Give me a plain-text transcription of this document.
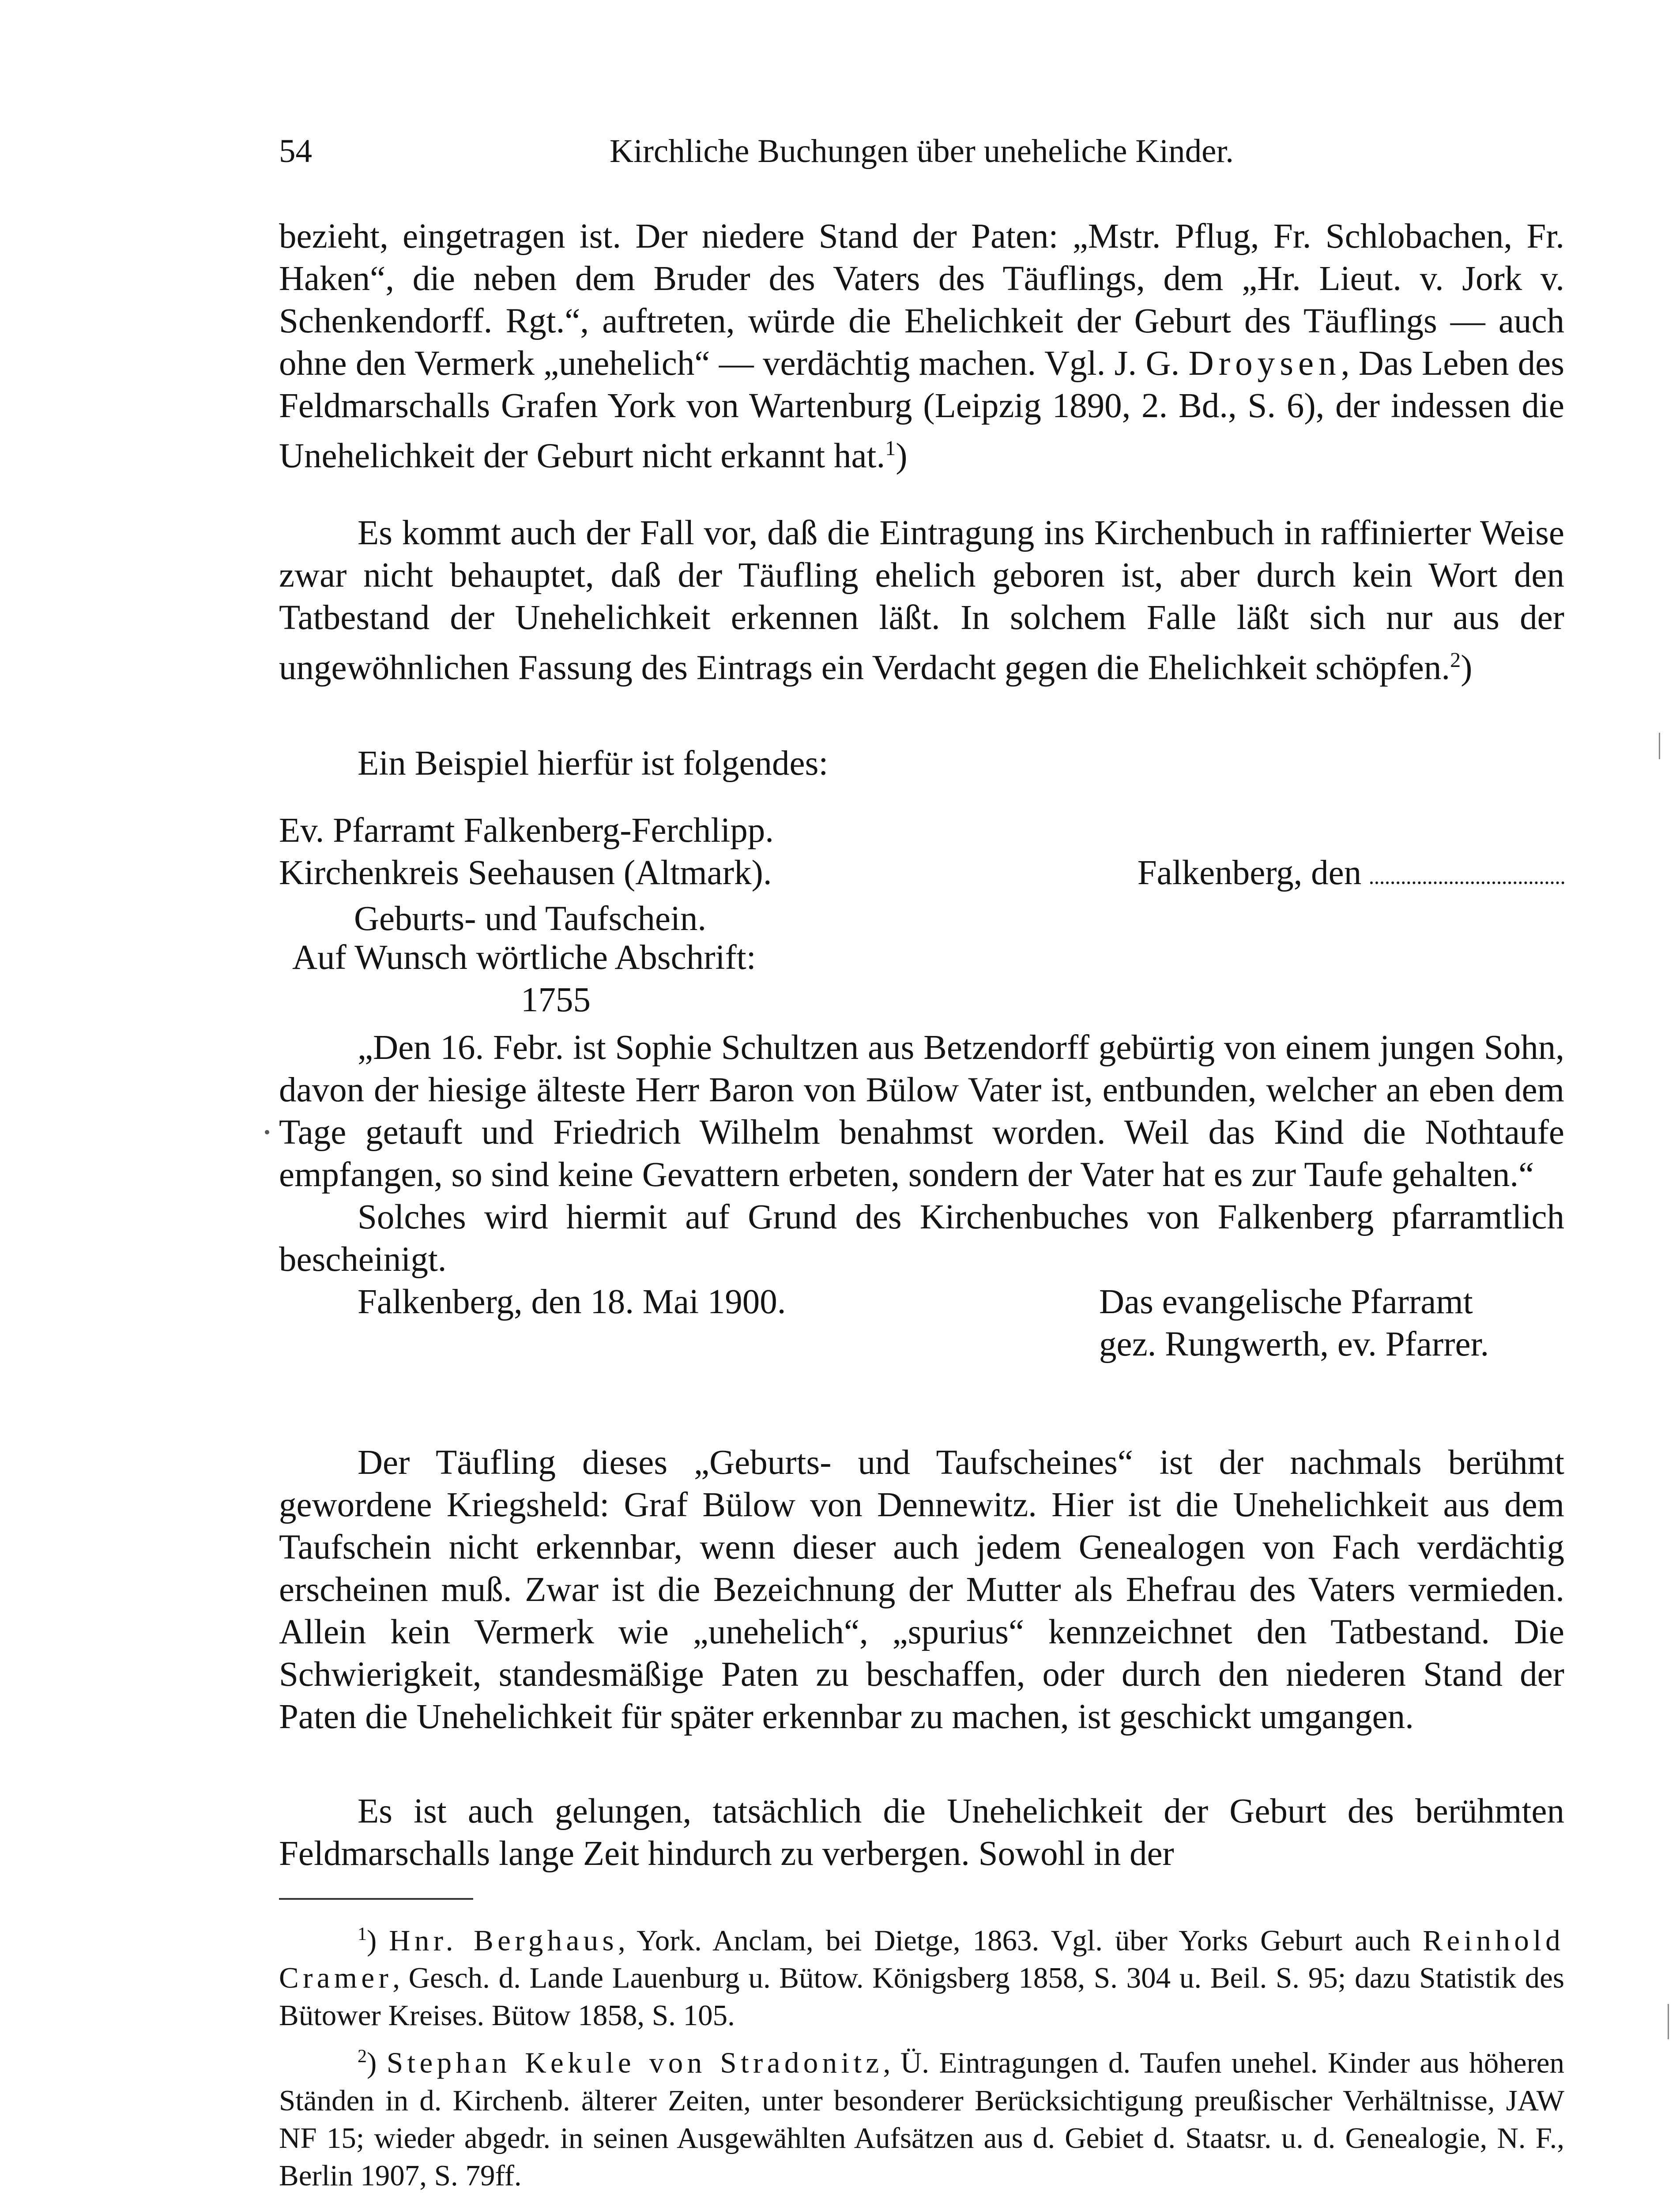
54	Kirchliche Buchungen über uneheliche Kinder.

bezieht, eingetragen ist. Der niedere Stand der Paten: „Mstr. Pflug, Fr. Schlobachen, Fr. Haken“, die neben dem Bruder des Vaters des Täuflings, dem „Hr. Lieut. v. Jork v. Schenkendorff. Rgt.“, auftreten, würde die Ehelichkeit der Geburt des Täuflings — auch ohne den Vermerk „unehelich“ — verdächtig machen. Vgl. J. G. Droysen, Das Leben des Feldmarschalls Grafen York von Wartenburg (Leipzig 1890, 2. Bd., S. 6), der indessen die Unehelichkeit der Geburt nicht erkannt hat.$^1$)

Es kommt auch der Fall vor, daß die Eintragung ins Kirchenbuch in raffinierter Weise zwar nicht behauptet, daß der Täufling ehelich geboren ist, aber durch kein Wort den Tatbestand der Unehelichkeit erkennen läßt. In solchem Falle läßt sich nur aus der ungewöhnlichen Fassung des Eintrags ein Verdacht gegen die Ehelichkeit schöpfen.$^2$)

Ein Beispiel hierfür ist folgendes:

Ev. Pfarramt Falkenberg-Ferchlipp.
Kirchenkreis Seehausen (Altmark).	Falkenberg, den
Geburts- und Taufschein.
Auf Wunsch wörtliche Abschrift:
1755

„Den 16. Febr. ist Sophie Schultzen aus Betzendorff gebürtig von einem jungen Sohn, davon der hiesige älteste Herr Baron von Bülow Vater ist, entbunden, welcher an eben dem Tage getauft und Friedrich Wilhelm benahmst worden. Weil das Kind die Nothtaufe empfangen, so sind keine Gevattern erbeten, sondern der Vater hat es zur Taufe gehalten.“

Solches wird hiermit auf Grund des Kirchenbuches von Falkenberg pfarramtlich bescheinigt.

Falkenberg, den 18. Mai 1900.	Das evangelische Pfarramt
gez. Rungwerth, ev. Pfarrer.

Der Täufling dieses „Geburts- und Taufscheines“ ist der nachmals berühmt gewordene Kriegsheld: Graf Bülow von Dennewitz. Hier ist die Unehelichkeit aus dem Taufschein nicht erkennbar, wenn dieser auch jedem Genealogen von Fach verdächtig erscheinen muß. Zwar ist die Bezeichnung der Mutter als Ehefrau des Vaters vermieden. Allein kein Vermerk wie „unehelich“, „spurius“ kennzeichnet den Tatbestand. Die Schwierigkeit, standesmäßige Paten zu beschaffen, oder durch den niederen Stand der Paten die Unehelichkeit für später erkennbar zu machen, ist geschickt umgangen.

Es ist auch gelungen, tatsächlich die Unehelichkeit der Geburt des berühmten Feldmarschalls lange Zeit hindurch zu verbergen. Sowohl in der

$^1$) Hnr. Berghaus, York. Anclam, bei Dietge, 1863. Vgl. über Yorks Geburt auch Reinhold Cramer, Gesch. d. Lande Lauenburg u. Bütow. Königsberg 1858, S. 304 u. Beil. S. 95; dazu Statistik des Bütower Kreises. Bütow 1858, S. 105.

$^2$) Stephan Kekule von Stradonitz, Ü. Eintragungen d. Taufen unehel. Kinder aus höheren Ständen in d. Kirchenb. älterer Zeiten, unter besonderer Berücksichtigung preußischer Verhältnisse, JAW NF 15; wieder abgedr. in seinen Ausgewählten Aufsätzen aus d. Gebiet d. Staatsr. u. d. Genealogie, N. F., Berlin 1907, S. 79ff.
